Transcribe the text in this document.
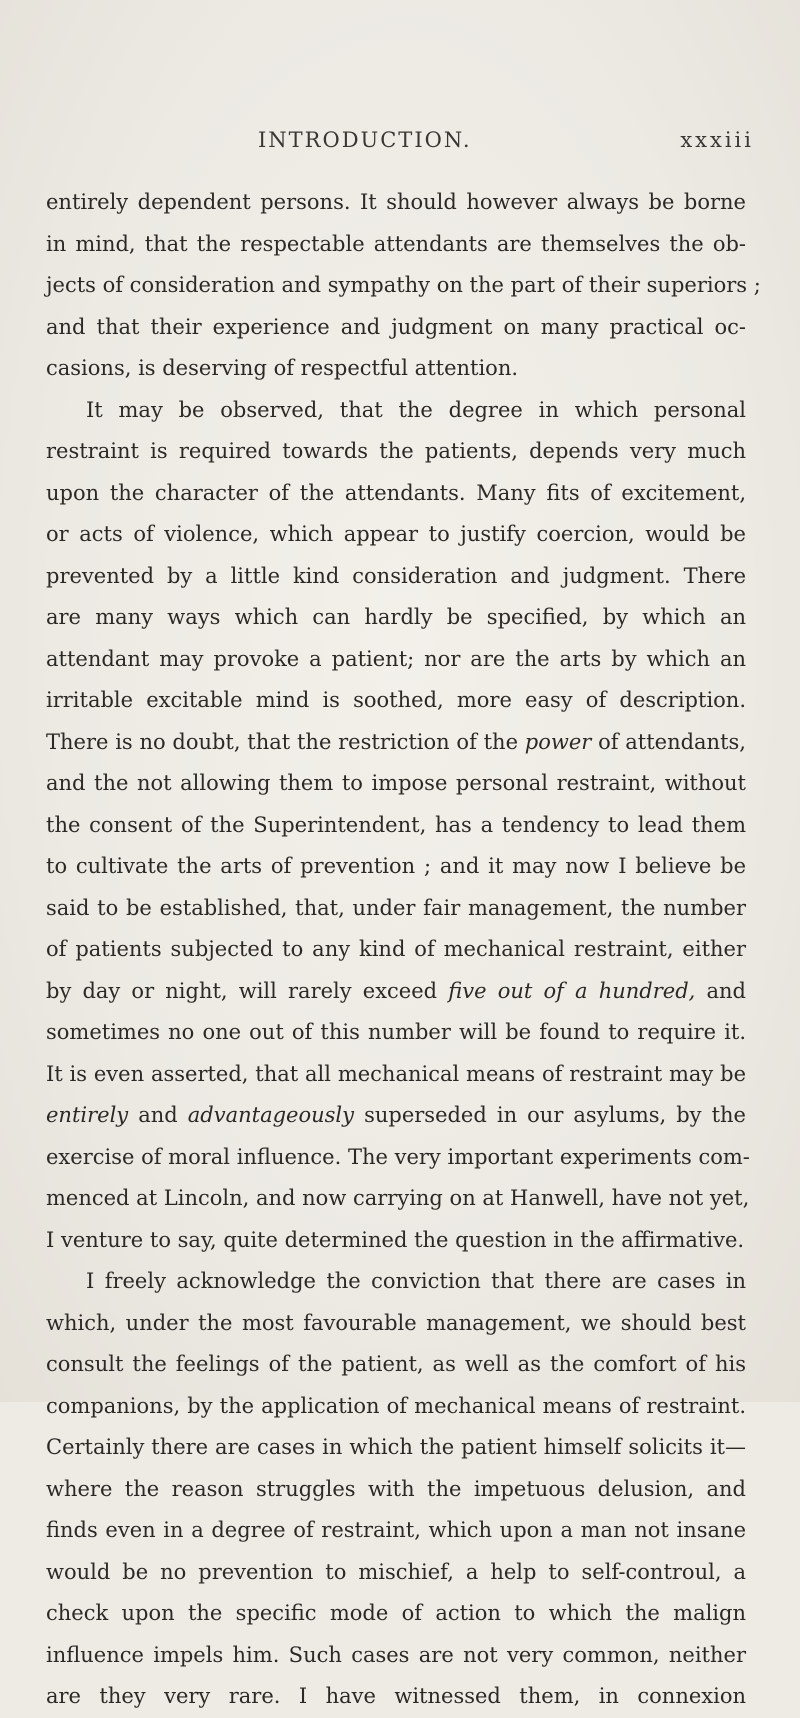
INTRODUCTION.	xxxiii
entirely dependent persons. It should however always be borne
in mind, that the respectable attendants are themselves the ob-
jects of consideration and sympathy on the part of their superiors ;
and that their experience and judgment on many practical oc-
casions, is deserving of respectful attention.
It may be observed, that the degree in which personal
restraint is required towards the patients, depends very much
upon the character of the attendants. Many fits of excitement,
or acts of violence, which appear to justify coercion, would be
prevented by a little kind consideration and judgment. There
are many ways which can hardly be specified, by which an
attendant may provoke a patient; nor are the arts by which an
irritable excitable mind is soothed, more easy of description.
There is no doubt, that the restriction of the power of attendants,
and the not allowing them to impose personal restraint, without
the consent of the Superintendent, has a tendency to lead them
to cultivate the arts of prevention ; and it may now I believe be
said to be established, that, under fair management, the number
of patients subjected to any kind of mechanical restraint, either
by day or night, will rarely exceed five out of a hundred, and
sometimes no one out of this number will be found to require it.
It is even asserted, that all mechanical means of restraint may be
entirely and advantageously superseded in our asylums, by the
exercise of moral influence. The very important experiments com-
menced at Lincoln, and now carrying on at Hanwell, have not yet,
I venture to say, quite determined the question in the affirmative.
I freely acknowledge the conviction that there are cases in
which, under the most favourable management, we should best
consult the feelings of the patient, as well as the comfort of his
companions, by the application of mechanical means of restraint.
Certainly there are cases in which the patient himself solicits it—
where the reason struggles with the impetuous delusion, and
finds even in a degree of restraint, which upon a man not insane
would be no prevention to mischief, a help to self-controul, a
check upon the specific mode of action to which the malign
influence impels him. Such cases are not very common, neither
are they very rare. I have witnessed them, in connexion
